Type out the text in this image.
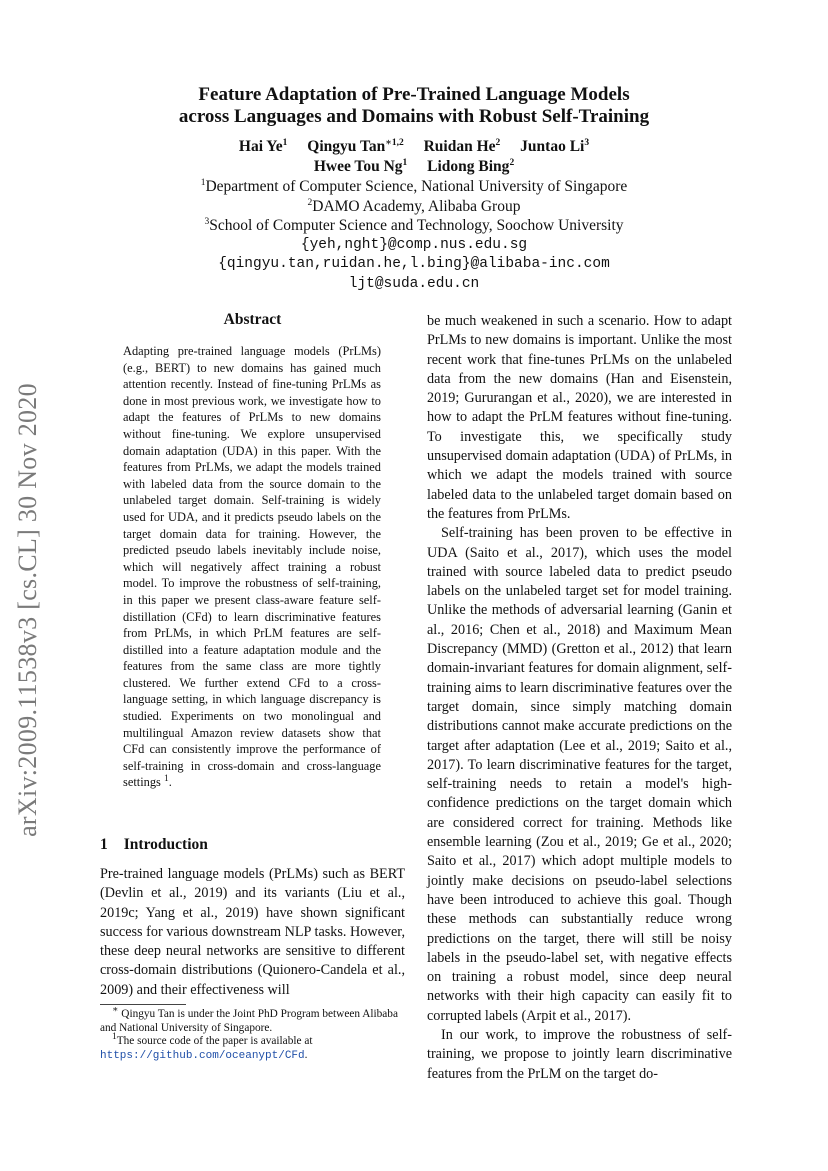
Feature Adaptation of Pre-Trained Language Models
across Languages and Domains with Robust Self-Training
Hai Ye$^1$ Qingyu Tan$^{∗1,2}$ Ruidan He$^2$ Juntao Li$^3$
Hwee Tou Ng$^1$ Lidong Bing$^2$
$^1$Department of Computer Science, National University of Singapore
$^2$DAMO Academy, Alibaba Group
$^3$School of Computer Science and Technology, Soochow University
{yeh,nght}@comp.nus.edu.sg
{qingyu.tan,ruidan.he,l.bing}@alibaba-inc.com
ljt@suda.edu.cn
arXiv:2009.11538v3 [cs.CL] 30 Nov 2020
Abstract
Adapting pre-trained language models (PrLMs) (e.g., BERT) to new domains has gained much attention recently. Instead of fine-tuning PrLMs as done in most previous work, we investigate how to adapt the features of PrLMs to new domains without fine-tuning. We explore unsupervised domain adaptation (UDA) in this paper. With the features from PrLMs, we adapt the models trained with labeled data from the source domain to the unlabeled target domain. Self-training is widely used for UDA, and it predicts pseudo labels on the target domain data for training. However, the predicted pseudo labels inevitably include noise, which will negatively affect training a robust model. To improve the robustness of self-training, in this paper we present class-aware feature self-distillation (CFd) to learn discriminative features from PrLMs, in which PrLM features are self-distilled into a feature adaptation module and the features from the same class are more tightly clustered. We further extend CFd to a cross-language setting, in which language discrepancy is studied. Experiments on two monolingual and multilingual Amazon review datasets show that CFd can consistently improve the performance of self-training in cross-domain and cross-language settings $^1$.
1 Introduction
Pre-trained language models (PrLMs) such as BERT (Devlin et al., 2019) and its variants (Liu et al., 2019c; Yang et al., 2019) have shown significant success for various downstream NLP tasks. However, these deep neural networks are sensitive to different cross-domain distributions (Quionero-Candela et al., 2009) and their effectiveness will

be much weakened in such a scenario. How to adapt PrLMs to new domains is important. Unlike the most recent work that fine-tunes PrLMs on the unlabeled data from the new domains (Han and Eisenstein, 2019; Gururangan et al., 2020), we are interested in how to adapt the PrLM features without fine-tuning. To investigate this, we specifically study unsupervised domain adaptation (UDA) of PrLMs, in which we adapt the models trained with source labeled data to the unlabeled target domain based on the features from PrLMs.

Self-training has been proven to be effective in UDA (Saito et al., 2017), which uses the model trained with source labeled data to predict pseudo labels on the unlabeled target set for model training. Unlike the methods of adversarial learning (Ganin et al., 2016; Chen et al., 2018) and Maximum Mean Discrepancy (MMD) (Gretton et al., 2012) that learn domain-invariant features for domain alignment, self-training aims to learn discriminative features over the target domain, since simply matching domain distributions cannot make accurate predictions on the target after adaptation (Lee et al., 2019; Saito et al., 2017). To learn discriminative features for the target, self-training needs to retain a model's high-confidence predictions on the target domain which are considered correct for training. Methods like ensemble learning (Zou et al., 2019; Ge et al., 2020; Saito et al., 2017) which adopt multiple models to jointly make decisions on pseudo-label selections have been introduced to achieve this goal. Though these methods can substantially reduce wrong predictions on the target, there will still be noisy labels in the pseudo-label set, with negative effects on training a robust model, since deep neural networks with their high capacity can easily fit to corrupted labels (Arpit et al., 2017).

In our work, to improve the robustness of self-training, we propose to jointly learn discriminative features from the PrLM on the target do-

∗ Qingyu Tan is under the Joint PhD Program between Alibaba and National University of Singapore.

$^1$The source code of the paper is available at https://github.com/oceanypt/CFd.
